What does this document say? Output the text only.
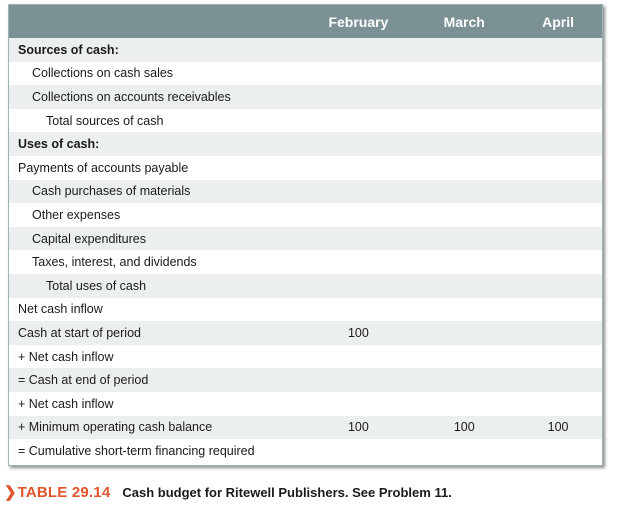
February	March	April
Sources of cash:
Collections on cash sales
Collections on accounts receivables
Total sources of cash
Uses of cash:
Payments of accounts payable
Cash purchases of materials
Other expenses
Capital expenditures
Taxes, interest, and dividends
Total uses of cash
Net cash inflow
Cash at start of period	100
+ Net cash inflow
= Cash at end of period
+ Net cash inflow
+ Minimum operating cash balance	100	100	100
= Cumulative short-term financing required
❯ TABLE 29.14 Cash budget for Ritewell Publishers. See Problem 11.
